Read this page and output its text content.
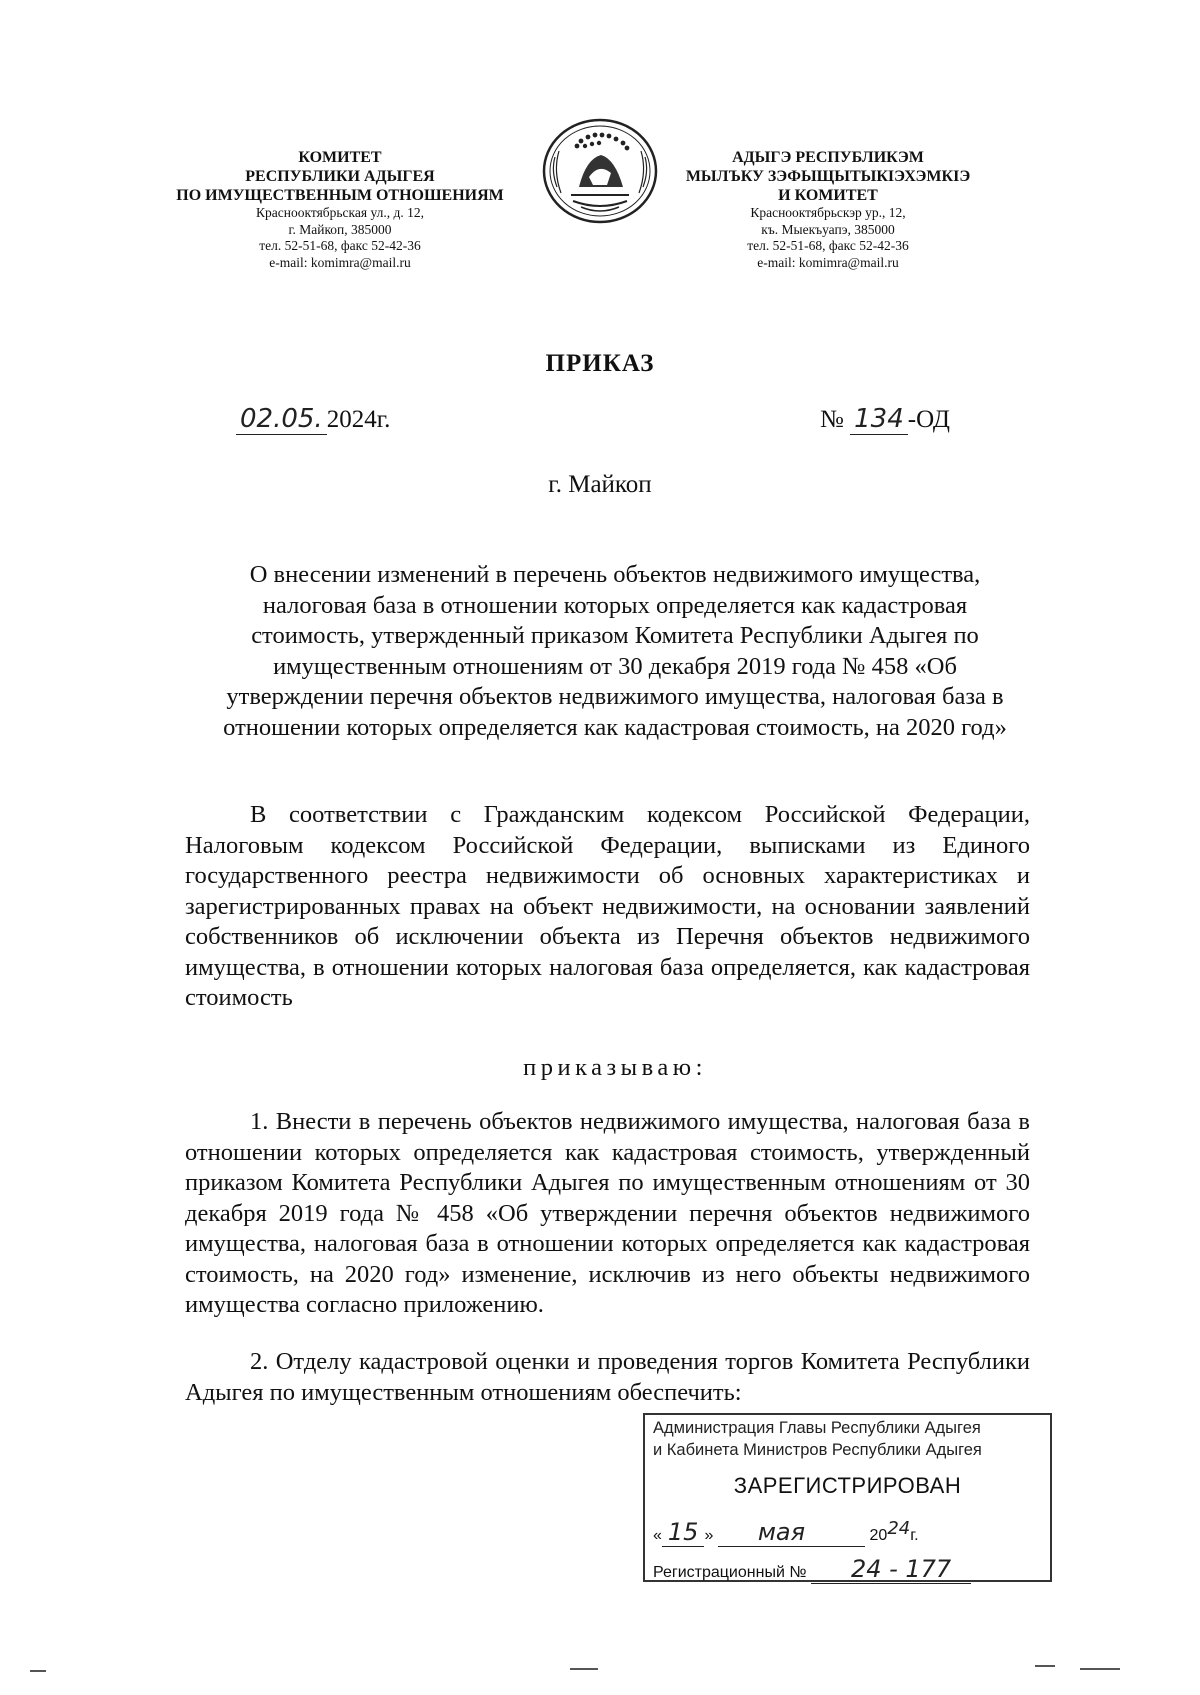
КОМИТЕТ
РЕСПУБЛИКИ АДЫГЕЯ
ПО ИМУЩЕСТВЕННЫМ ОТНОШЕНИЯМ
Краснооктябрьская ул., д. 12,
г. Майкоп, 385000
тел. 52-51-68, факс 52-42-36
e-mail: komimra@mail.ru
АДЫГЭ РЕСПУБЛИКЭМ
МЫЛЪКУ ЗЭФЫЩЫТЫКIЭХЭМКIЭ
И КОМИТЕТ
Краснооктябрьскэр ур., 12,
къ. Мыекъуапэ, 385000
тел. 52-51-68, факс 52-42-36
e-mail: komimra@mail.ru
ПРИКАЗ
02.05. 2024г.	№ 134 -ОД
г. Майкоп
О внесении изменений в перечень объектов недвижимого имущества,
налоговая база в отношении которых определяется как кадастровая
стоимость, утвержденный приказом Комитета Республики Адыгея по
имущественным отношениям от 30 декабря 2019 года № 458 «Об
утверждении перечня объектов недвижимого имущества, налоговая база в
отношении которых определяется как кадастровая стоимость, на 2020 год»
В соответствии с Гражданским кодексом Российской Федерации, Налоговым кодексом Российской Федерации, выписками из Единого государственного реестра недвижимости об основных характеристиках и зарегистрированных правах на объект недвижимости, на основании заявлений собственников об исключении объекта из Перечня объектов недвижимого имущества, в отношении которых налоговая база определяется, как кадастровая стоимость
приказываю:
1. Внести в перечень объектов недвижимого имущества, налоговая база в отношении которых определяется как кадастровая стоимость, утвержденный приказом Комитета Республики Адыгея по имущественным отношениям от 30 декабря 2019 года № 458 «Об утверждении перечня объектов недвижимого имущества, налоговая база в отношении которых определяется как кадастровая стоимость, на 2020 год» изменение, исключив из него объекты недвижимого имущества согласно приложению.
2. Отделу кадастровой оценки и проведения торгов Комитета Республики Адыгея по имущественным отношениям обеспечить:
Администрация Главы Республики Адыгея
и Кабинета Министров Республики Адыгея
ЗАРЕГИСТРИРОВАН
« 15 » мая	2024г.
Регистрационный № 24 - 177
